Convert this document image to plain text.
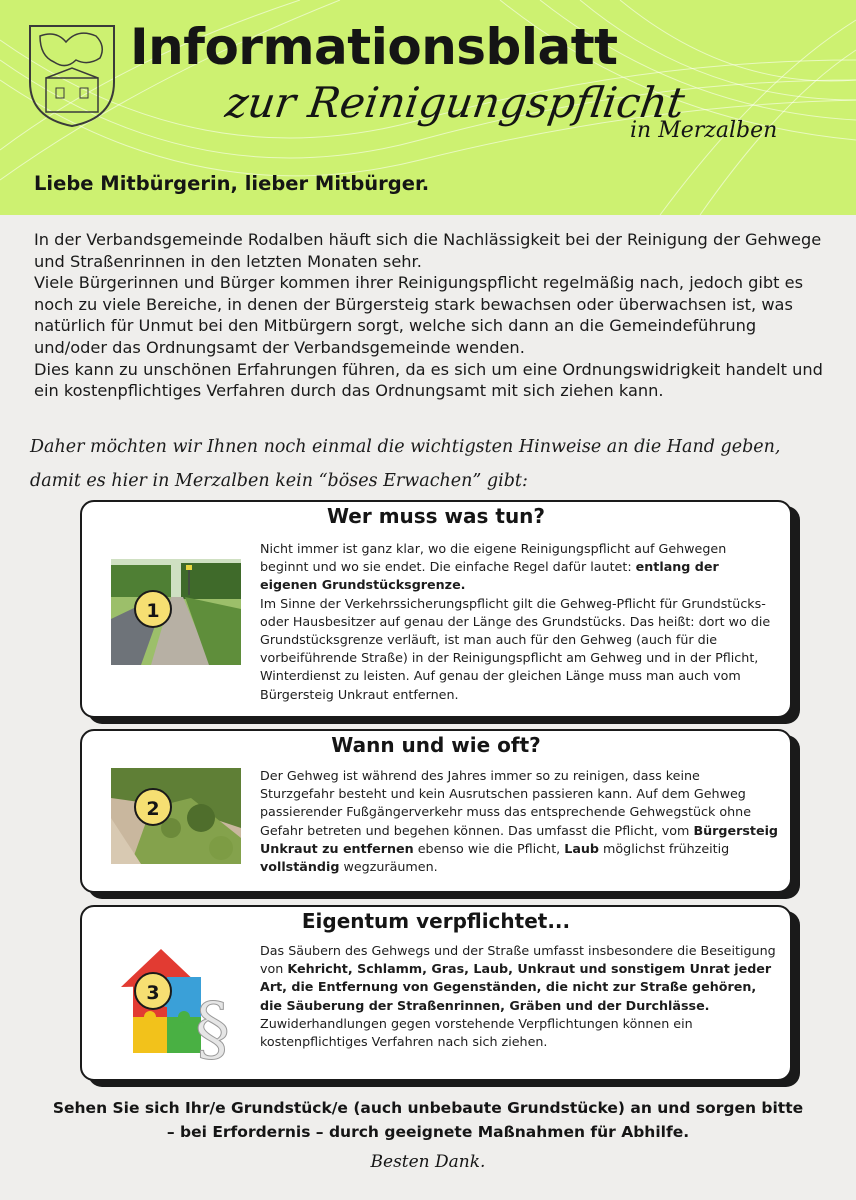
Informationsblatt
zur Reinigungspflicht
in Merzalben
Liebe Mitbürgerin, lieber Mitbürger.

In der Verbandsgemeinde Rodalben häuft sich die Nachlässigkeit bei der Reinigung der Gehwege und Straßenrinnen in den letzten Monaten sehr.

Viele Bürgerinnen und Bürger kommen ihrer Reinigungspflicht regelmäßig nach, jedoch gibt es noch zu viele Bereiche, in denen der Bürgersteig stark bewachsen oder überwachsen ist, was natürlich für Unmut bei den Mitbürgern sorgt, welche sich dann an die Gemeindeführung und/oder das Ordnungsamt der Verbandsgemeinde wenden.

Dies kann zu unschönen Erfahrungen führen, da es sich um eine Ordnungswidrigkeit handelt und ein kostenpflichtiges Verfahren durch das Ordnungsamt mit sich ziehen kann.

Daher möchten wir Ihnen noch einmal die wichtigsten Hinweise an die Hand geben, damit es hier in Merzalben kein “böses Erwachen” gibt:
Wer muss was tun?
1
Nicht immer ist ganz klar, wo die eigene Reinigungspflicht auf Gehwegen beginnt und wo sie endet. Die einfache Regel dafür lautet: entlang der eigenen Grundstücksgrenze.
Im Sinne der Verkehrssicherungspflicht gilt die Gehweg-Pflicht für Grundstücks- oder Hausbesitzer auf genau der Länge des Grundstücks. Das heißt: dort wo die Grundstücksgrenze verläuft, ist man auch für den Gehweg (auch für die vorbeiführende Straße) in der Reinigungspflicht am Gehweg und in der Pflicht, Winterdienst zu leisten. Auf genau der gleichen Länge muss man auch vom Bürgersteig Unkraut entfernen.
Wann und wie oft?
2
Der Gehweg ist während des Jahres immer so zu reinigen, dass keine Sturzgefahr besteht und kein Ausrutschen passieren kann. Auf dem Gehweg passierender Fußgängerverkehr muss das entsprechende Gehwegstück ohne Gefahr betreten und begehen können. Das umfasst die Pflicht, vom Bürgersteig Unkraut zu entfernen ebenso wie die Pflicht, Laub möglichst frühzeitig vollständig wegzuräumen.
Eigentum verpflichtet...
§
3
Das Säubern des Gehwegs und der Straße umfasst insbesondere die Beseitigung von Kehricht, Schlamm, Gras, Laub, Unkraut und sonstigem Unrat jeder Art, die Entfernung von Gegenständen, die nicht zur Straße gehören, die Säuberung der Straßenrinnen, Gräben und der Durchlässe.
Zuwiderhandlungen gegen vorstehende Verpflichtungen können ein kostenpflichtiges Verfahren nach sich ziehen.
Sehen Sie sich Ihr/e Grundstück/e (auch unbebaute Grundstücke) an und sorgen bitte
– bei Erfordernis – durch geeignete Maßnahmen für Abhilfe.
Besten Dank.
